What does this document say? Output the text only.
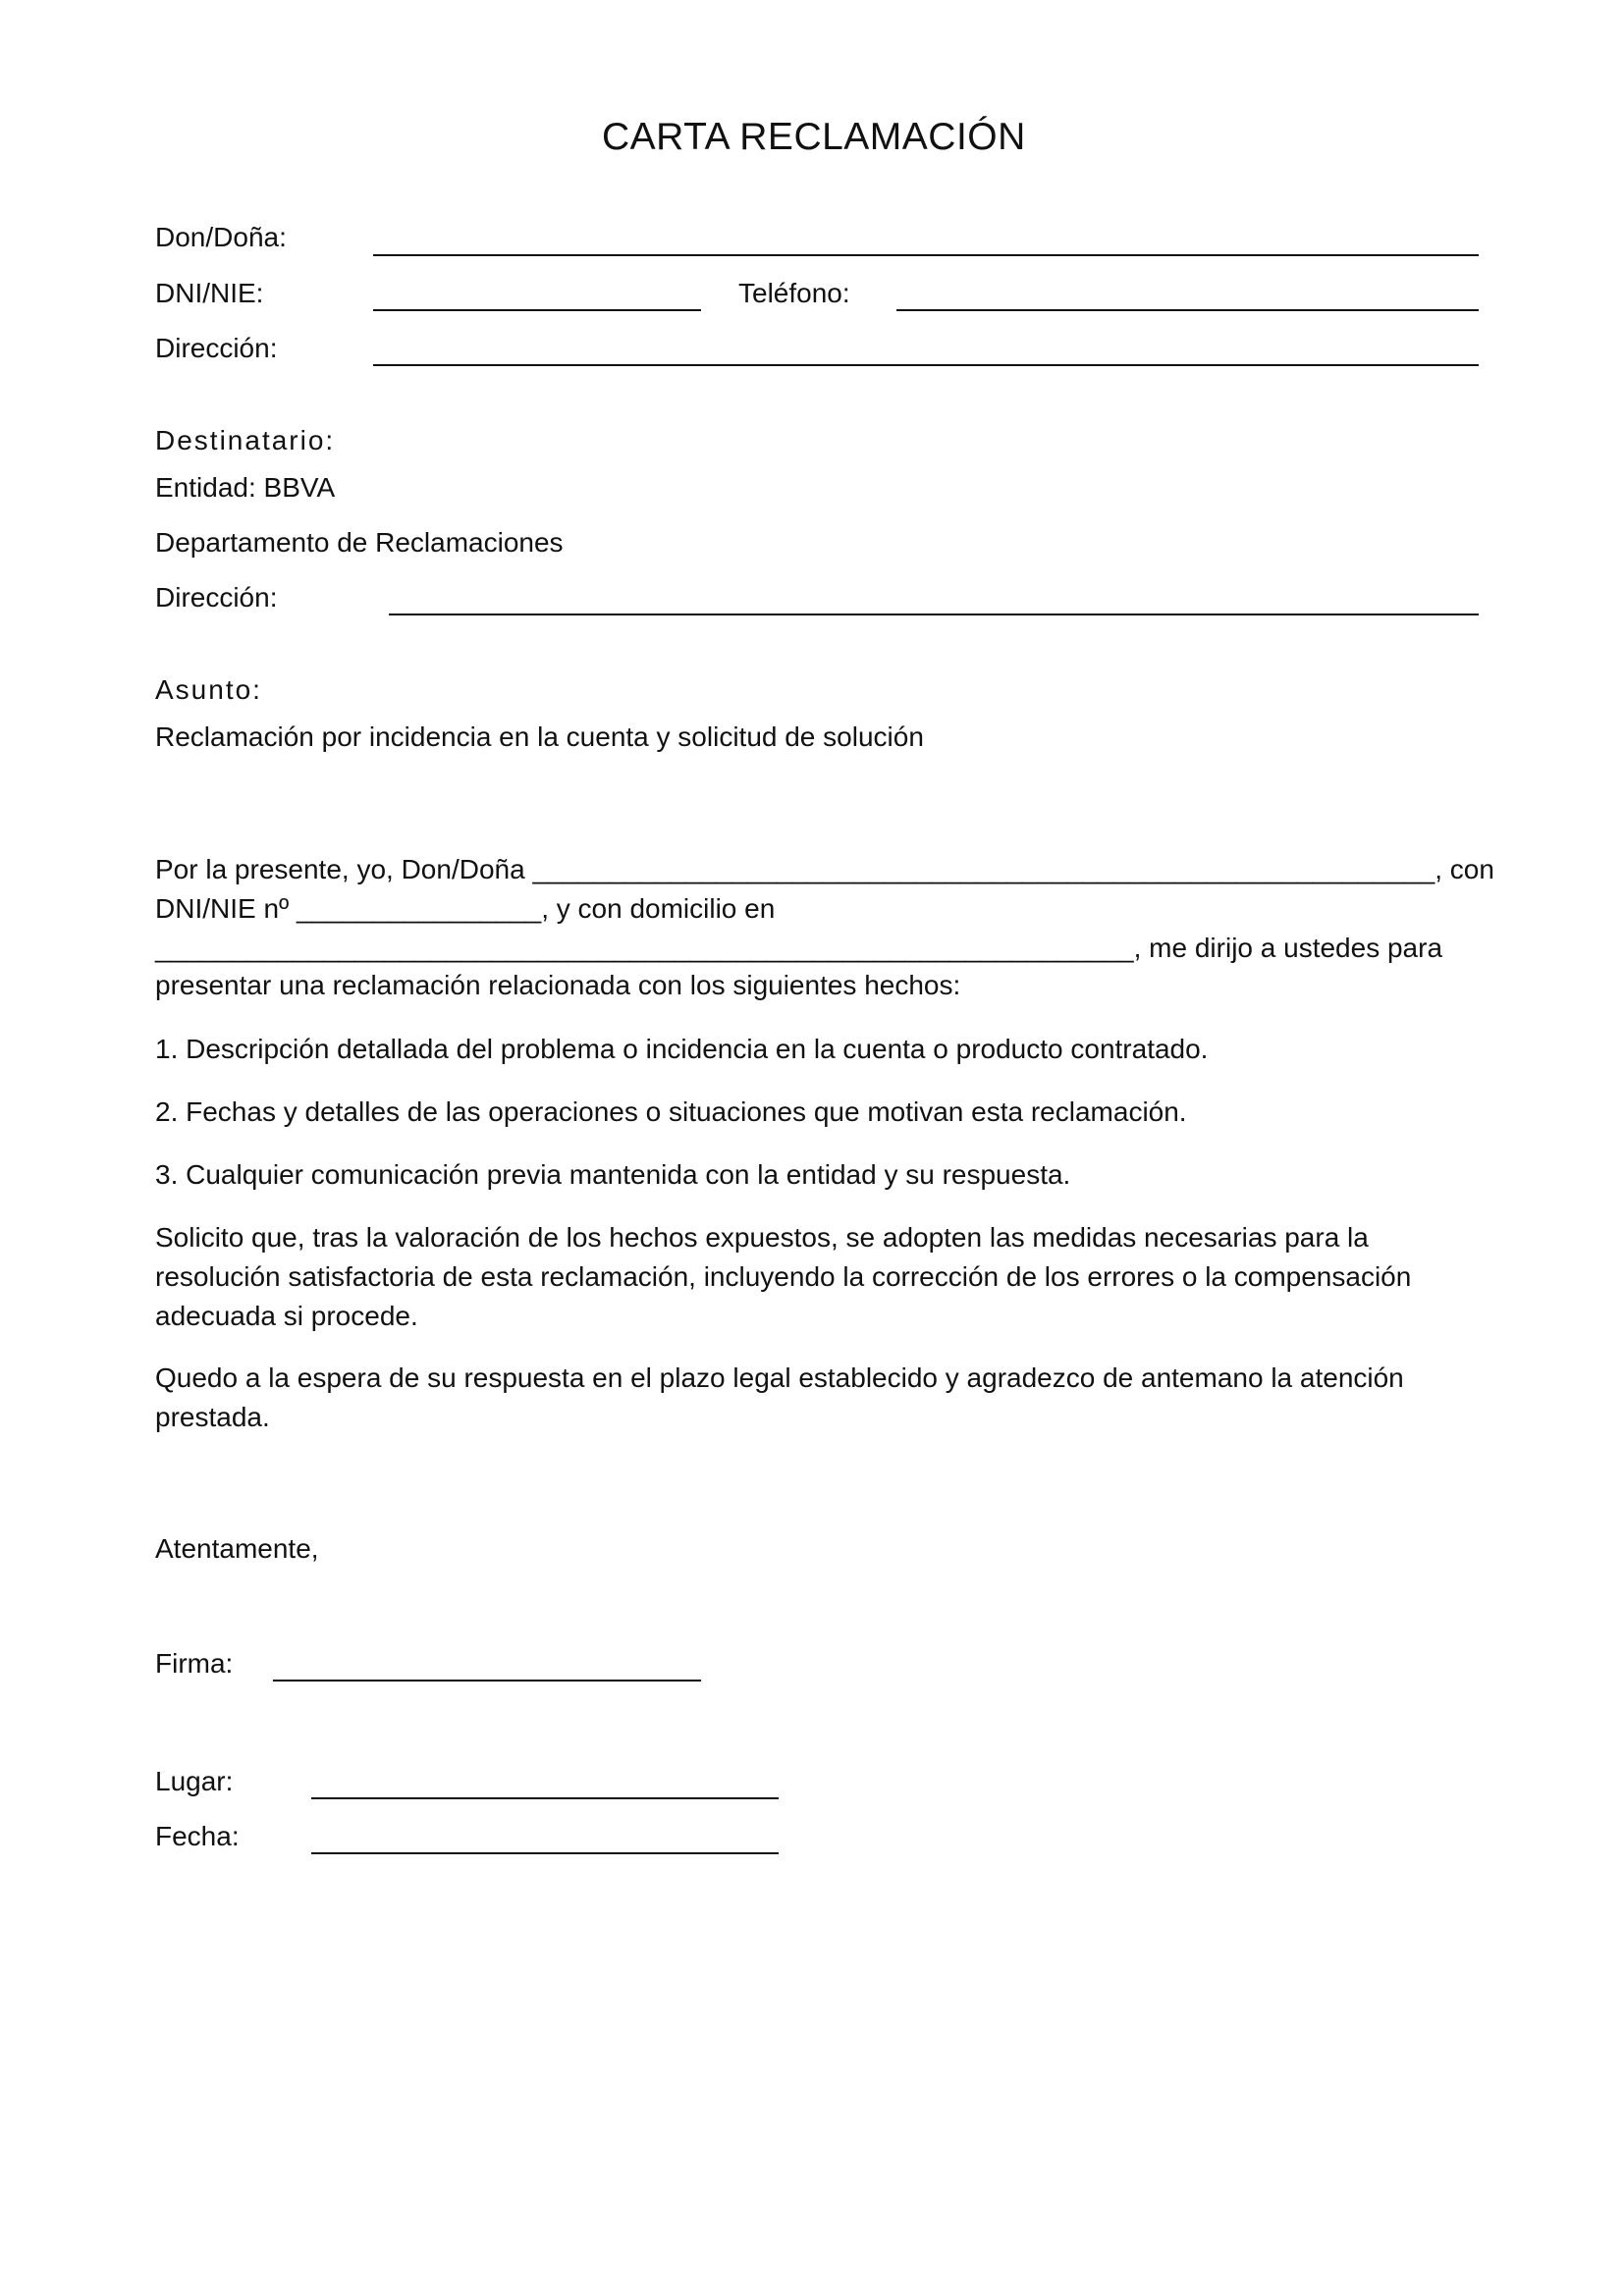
CARTA RECLAMACIÓN
Don/Doña:
DNI/NIE:	Teléfono:
Dirección:
Destinatario:
Entidad: BBVA
Departamento de Reclamaciones
Dirección:
Asunto:
Reclamación por incidencia en la cuenta y solicitud de solución
Por la presente, yo, Don/Doña ___________________________________________________________, con
DNI/NIE nº ________________, y con domicilio en
________________________________________________________________, me dirijo a ustedes para
presentar una reclamación relacionada con los siguientes hechos:
1. Descripción detallada del problema o incidencia en la cuenta o producto contratado.
2. Fechas y detalles de las operaciones o situaciones que motivan esta reclamación.
3. Cualquier comunicación previa mantenida con la entidad y su respuesta.
Solicito que, tras la valoración de los hechos expuestos, se adopten las medidas necesarias para la resolución satisfactoria de esta reclamación, incluyendo la corrección de los errores o la compensación adecuada si procede.
Quedo a la espera de su respuesta en el plazo legal establecido y agradezco de antemano la atención prestada.
Atentamente,
Firma:
Lugar:
Fecha:
